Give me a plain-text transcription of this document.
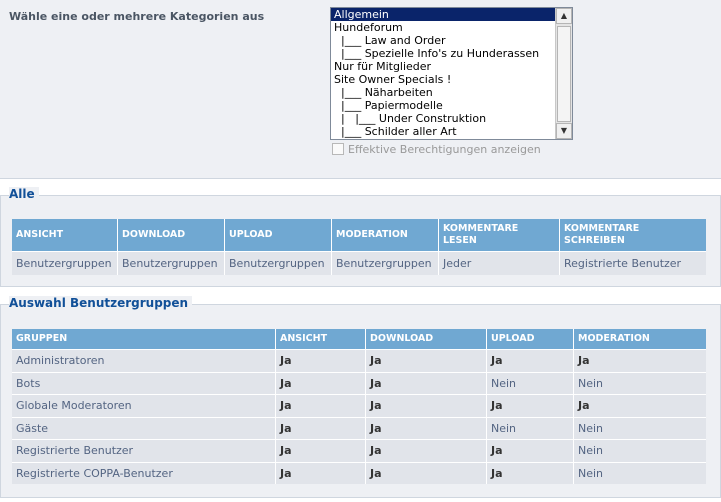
Wähle eine oder mehrere Kategorien aus	Allgemein
Hundeforum
|___ Law and Order
|___ Spezielle Info's zu Hunderassen
Nur für Mitglieder
Site Owner Specials !
|___ Näharbeiten
|___ Papiermodelle
|   |___ Under Construktion
|___ Schilder aller Art
▲
▼
Effektive Berechtigungen anzeigen
Alle
ANSICHT	DOWNLOAD	UPLOAD	MODERATION	KOMMENTARE LESEN	KOMMENTARE SCHREIBEN
Benutzergruppen	Benutzergruppen	Benutzergruppen	Benutzergruppen	Jeder	Registrierte Benutzer
Auswahl Benutzergruppen
GRUPPEN	ANSICHT	DOWNLOAD	UPLOAD	MODERATION
Administratoren	Ja	Ja	Ja	Ja
Bots	Ja	Ja	Nein	Nein
Globale Moderatoren	Ja	Ja	Ja	Ja
Gäste	Ja	Ja	Nein	Nein
Registrierte Benutzer	Ja	Ja	Ja	Nein
Registrierte COPPA-Benutzer	Ja	Ja	Ja	Nein
